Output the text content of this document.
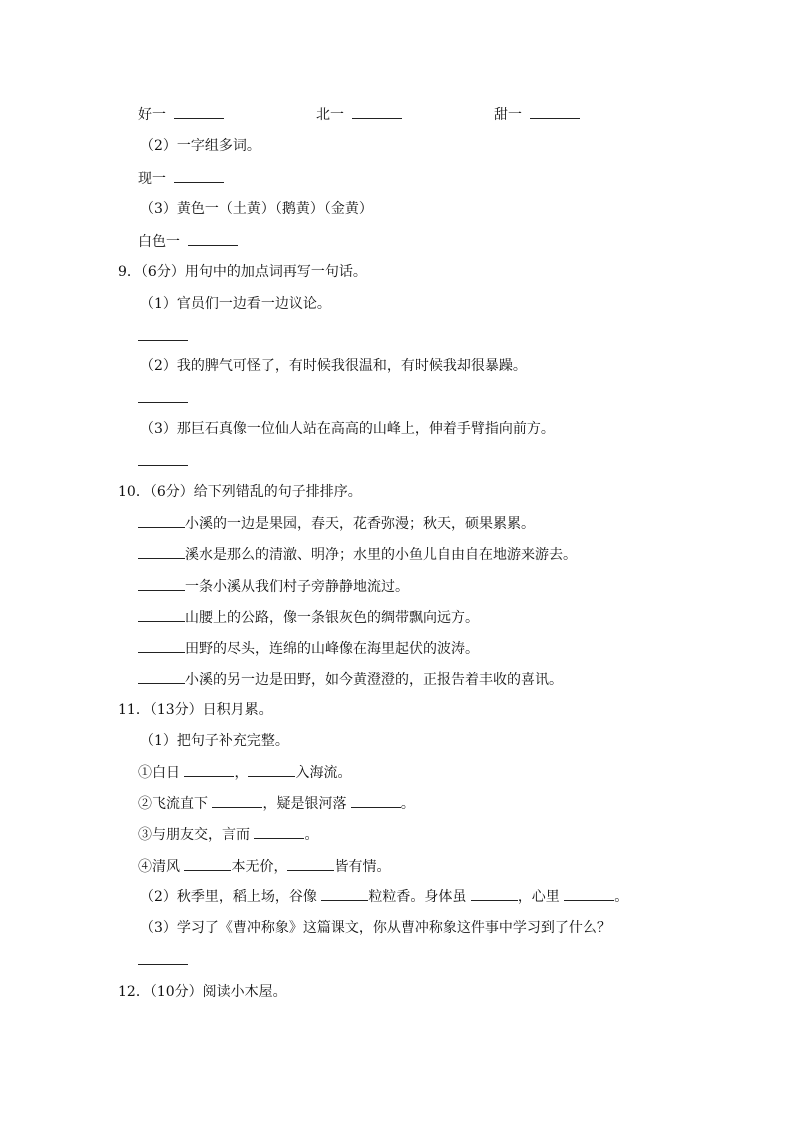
好一	北一	甜一
（2）一字组多词。
现一
（3）黄色一（土黄）（鹅黄）（金黄）
白色一
9．（6分）用句中的加点词再写一句话。
（1）官员们一边看一边议论。
（2）我的脾气可怪了，有时候我很温和，有时候我却很暴躁。
（3）那巨石真像一位仙人站在高高的山峰上，伸着手臂指向前方。
10．（6分）给下列错乱的句子排排序。
小溪的一边是果园，春天，花香弥漫；秋天，硕果累累。
溪水是那么的清澈、明净；水里的小鱼儿自由自在地游来游去。
一条小溪从我们村子旁静静地流过。
山腰上的公路，像一条银灰色的绸带飘向远方。
田野的尽头，连绵的山峰像在海里起伏的波涛。
小溪的另一边是田野，如今黄澄澄的，正报告着丰收的喜讯。
11．（13分）日积月累。
（1）把句子补充完整。
①白日	，	入海流。
②飞流直下	，疑是银河落	。
③与朋友交，言而	。
④清风	本无价，	皆有情。
（2）秋季里，稻上场，谷像	粒粒香。身体虽	，心里	。
（3）学习了《曹冲称象》这篇课文，你从曹冲称象这件事中学习到了什么？
12．（10分）阅读小木屋。
